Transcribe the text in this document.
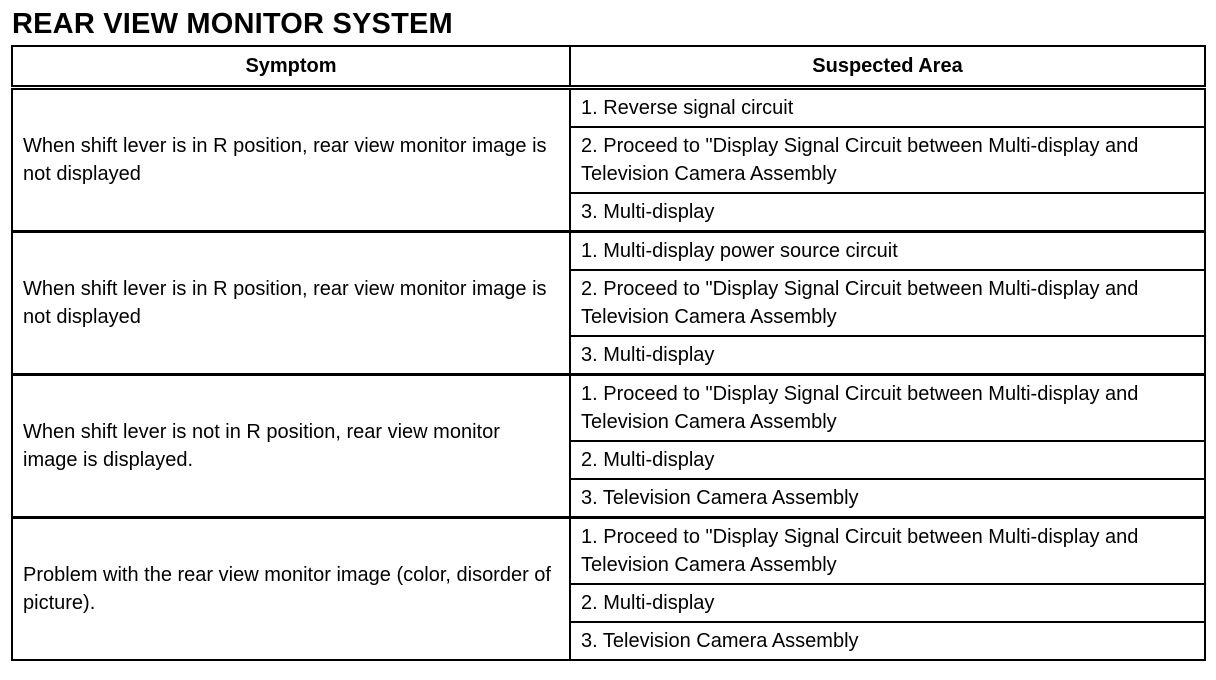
REAR VIEW MONITOR SYSTEM
Symptom	Suspected Area
When shift lever is in R position, rear view monitor image is not displayed	1. Reverse signal circuit
	2. Proceed to "Display Signal Circuit between Multi-display and Television Camera Assembly
	3. Multi-display
When shift lever is in R position, rear view monitor image is not displayed	1. Multi-display power source circuit
	2. Proceed to "Display Signal Circuit between Multi-display and Television Camera Assembly
	3. Multi-display
When shift lever is not in R position, rear view monitor image is displayed.	1. Proceed to "Display Signal Circuit between Multi-display and Television Camera Assembly
	2. Multi-display
	3. Television Camera Assembly
Problem with the rear view monitor image (color, disorder of picture).	1. Proceed to "Display Signal Circuit between Multi-display and Television Camera Assembly
	2. Multi-display
	3. Television Camera Assembly
